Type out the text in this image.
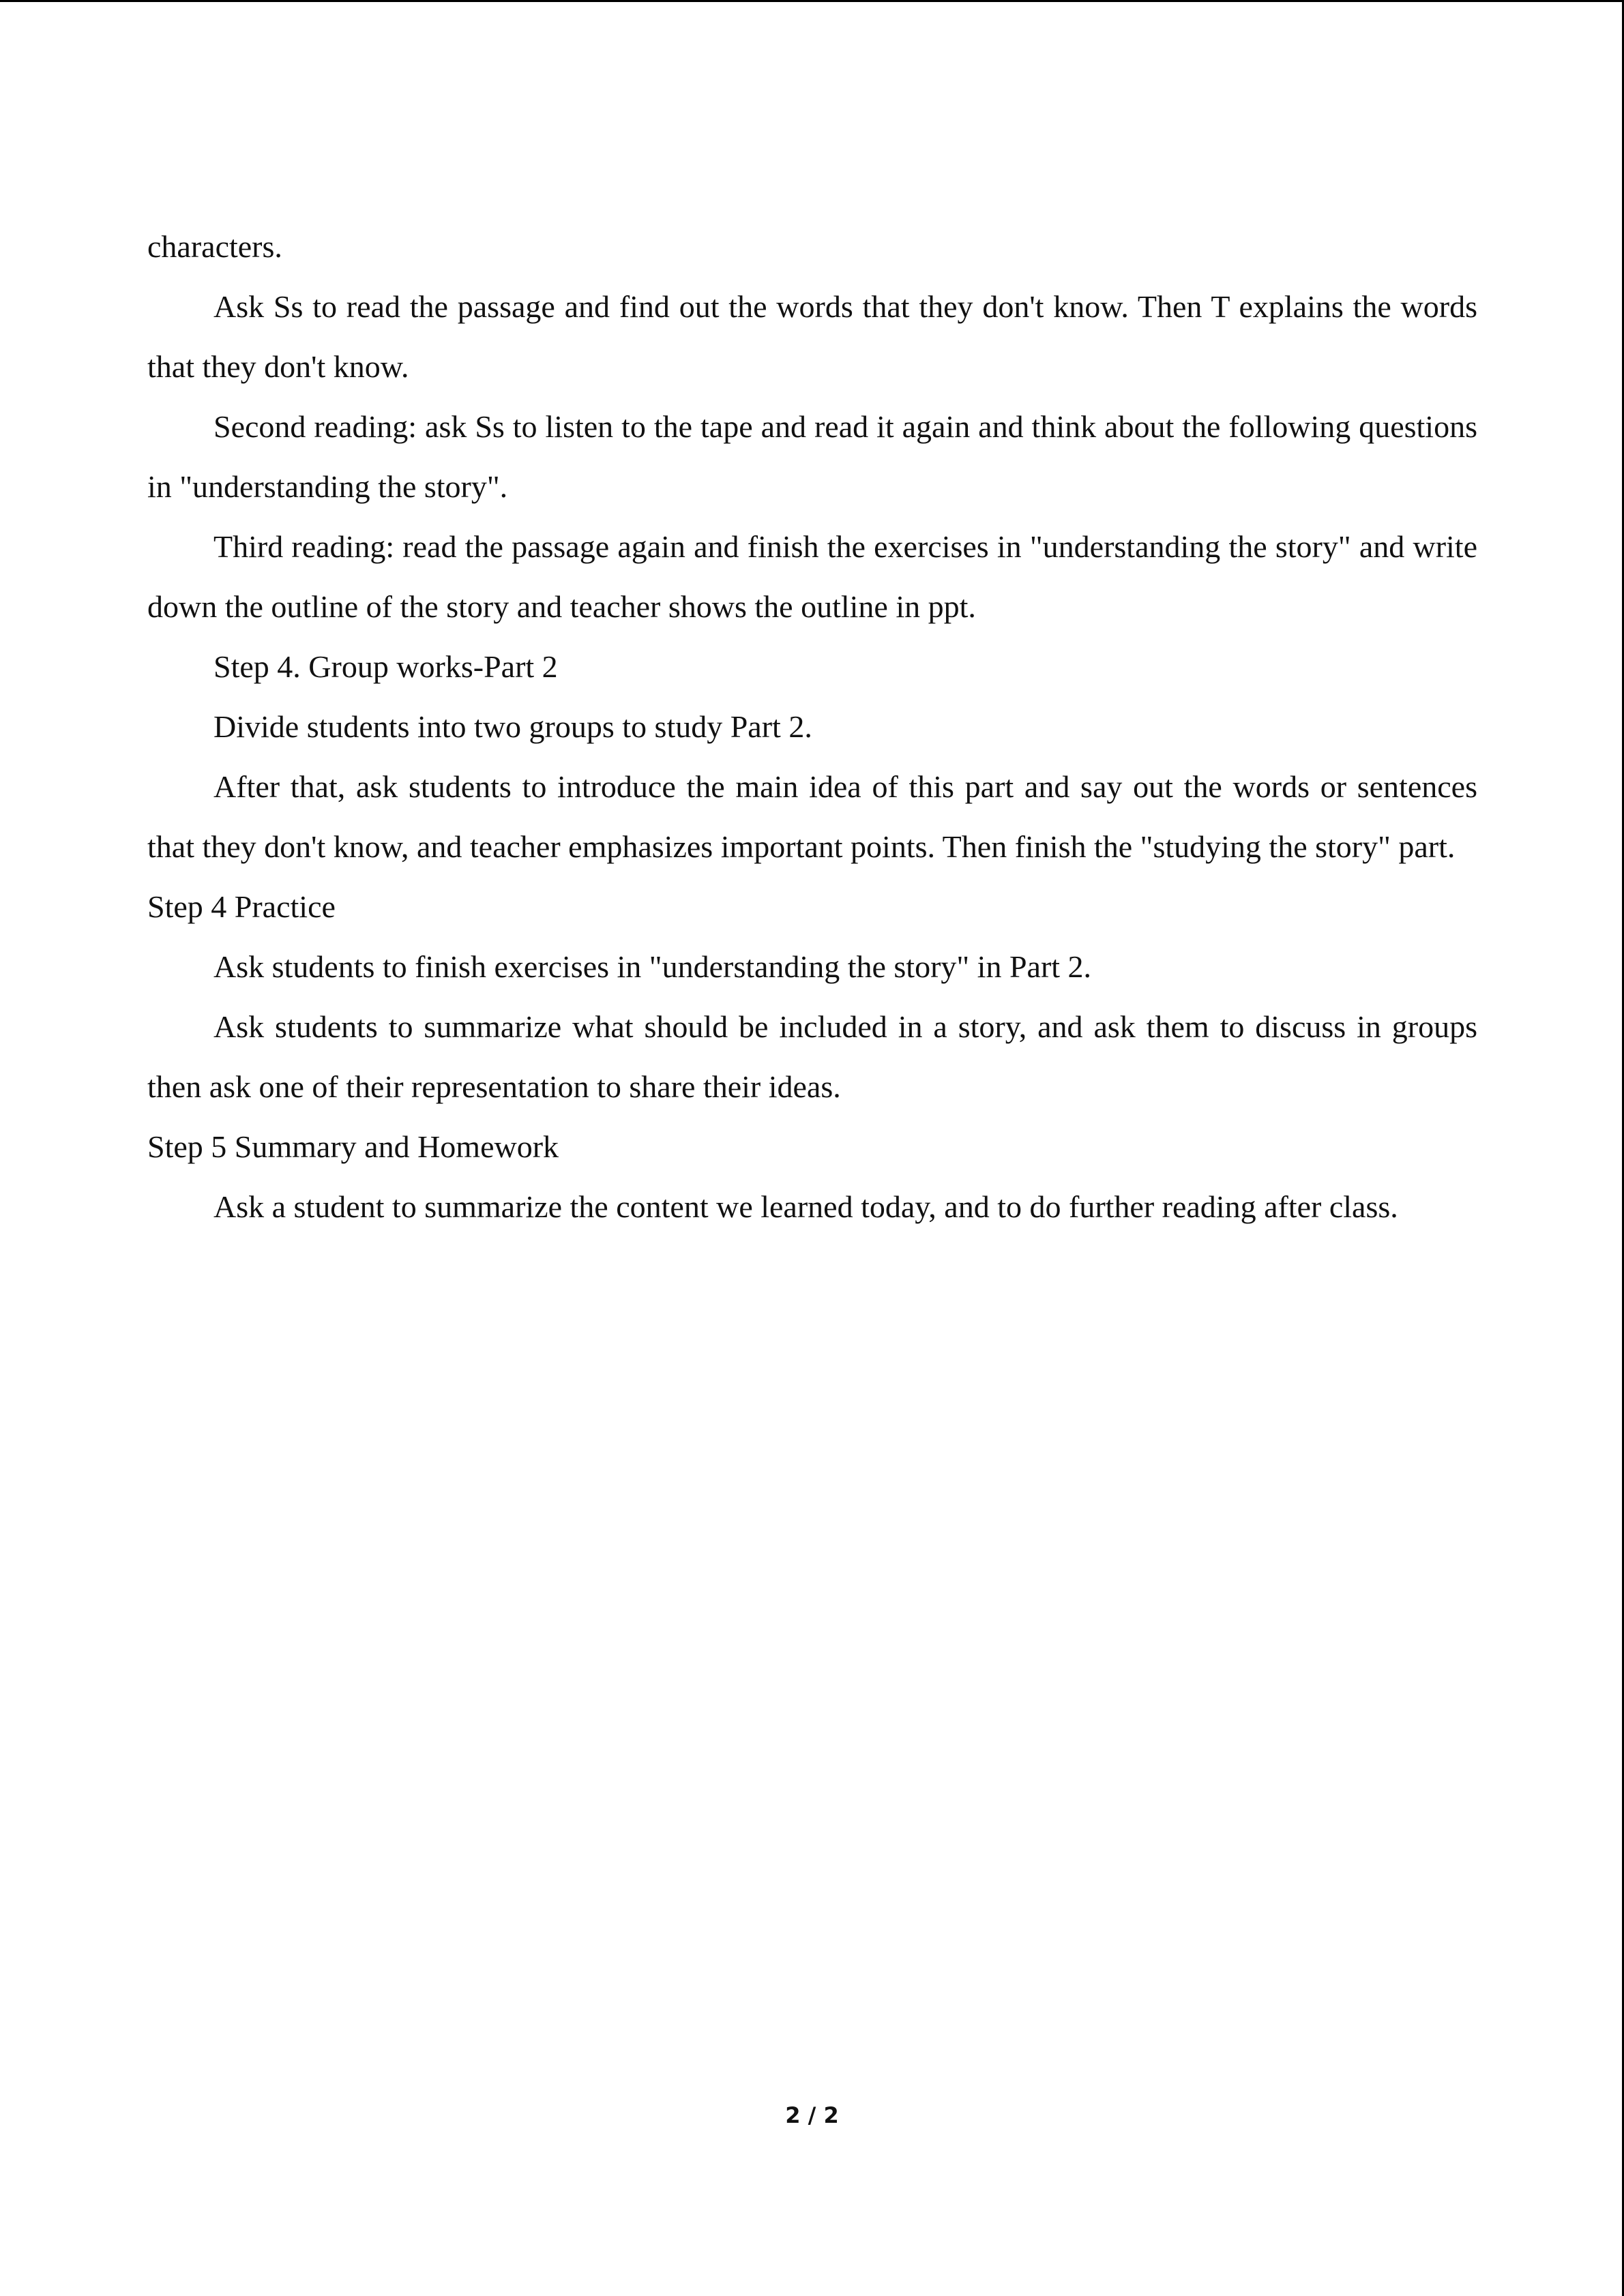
characters.

Ask Ss to read the passage and find out the words that they don't know. Then T explains the words that they don't know.

Second reading: ask Ss to listen to the tape and read it again and think about the following questions in "understanding the story".

Third reading: read the passage again and finish the exercises in "understanding the story" and write down the outline of the story and teacher shows the outline in ppt.

Step 4. Group works-Part 2

Divide students into two groups to study Part 2.

After that, ask students to introduce the main idea of this part and say out the words or sentences that they don't know, and teacher emphasizes important points. Then finish the "studying the story" part.

Step 4 Practice

Ask students to finish exercises in "understanding the story" in Part 2.

Ask students to summarize what should be included in a story, and ask them to discuss in groups then ask one of their representation to share their ideas.

Step 5 Summary and Homework

Ask a student to summarize the content we learned today, and to do further reading after class.

2 / 2
